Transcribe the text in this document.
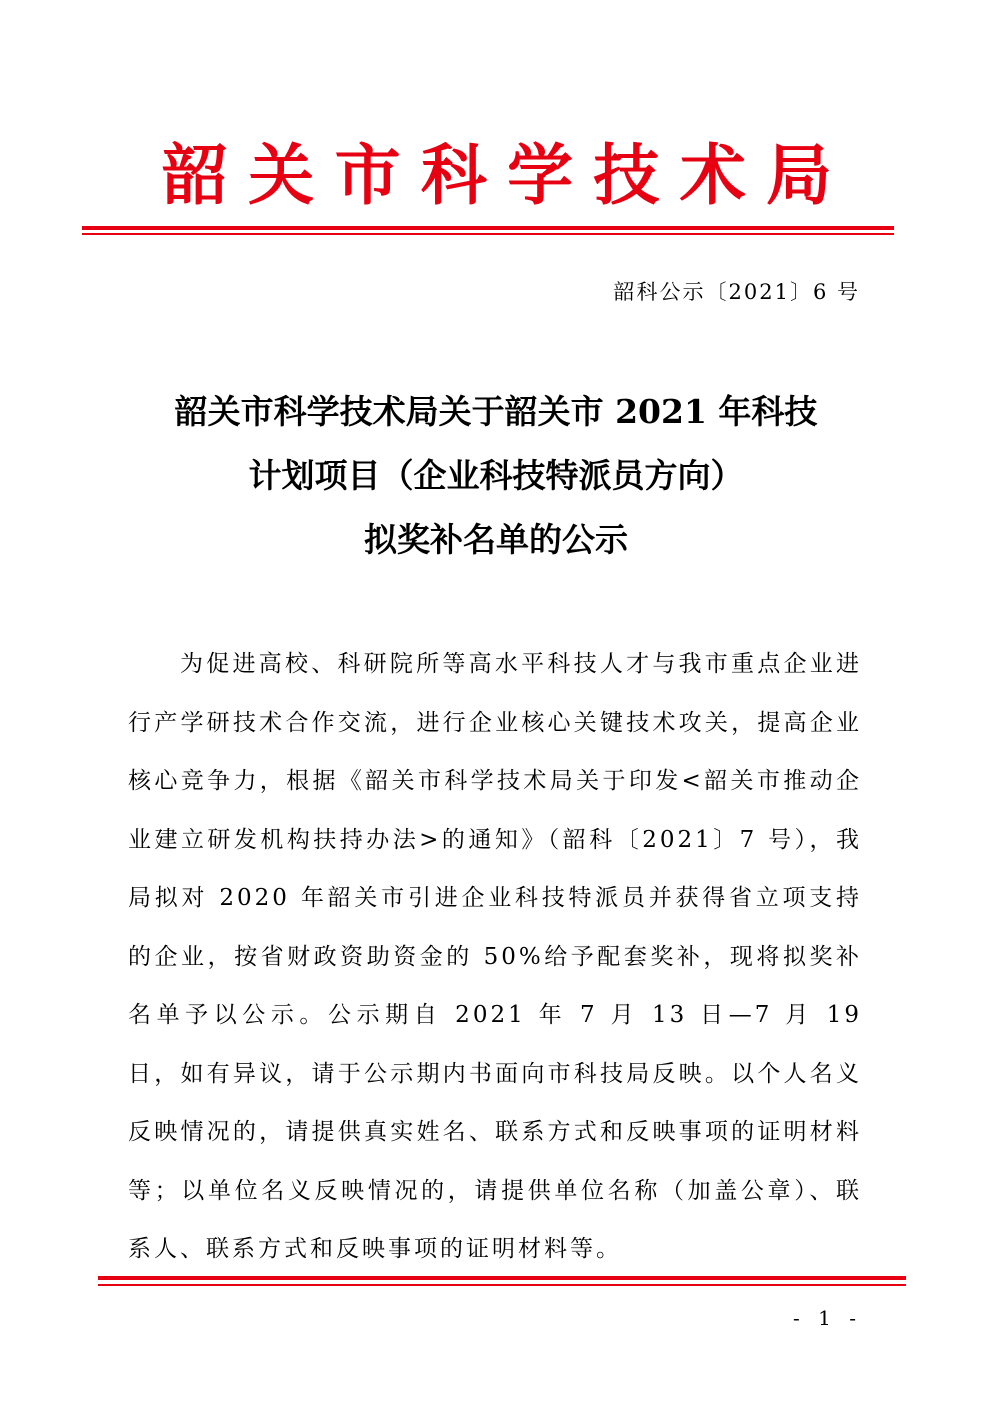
韶 关 市 科 学 技 术 局
韶科公示〔2021〕6 号
韶关市科学技术局关于韶关市 2021 年科技
计划项目（企业科技特派员方向）
拟奖补名单的公示

为促进高校、科研院所等高水平科技人才与我市重点企业进行产学研技术合作交流，进行企业核心关键技术攻关，提高企业核心竞争力，根据《韶关市科学技术局关于印发<韶关市推动企业建立研发机构扶持办法>的通知》（韶科〔2021〕7 号），我局拟对 2020 年韶关市引进企业科技特派员并获得省立项支持的企业，按省财政资助资金的 50%给予配套奖补，现将拟奖补名单予以公示。公示期自 2021 年 7 月 13 日—7 月 19 日，如有异议，请于公示期内书面向市科技局反映。以个人名义反映情况的，请提供真实姓名、联系方式和反映事项的证明材料等；以单位名义反映情况的，请提供单位名称（加盖公章）、联系人、联系方式和反映事项的证明材料等。

- 1 -
